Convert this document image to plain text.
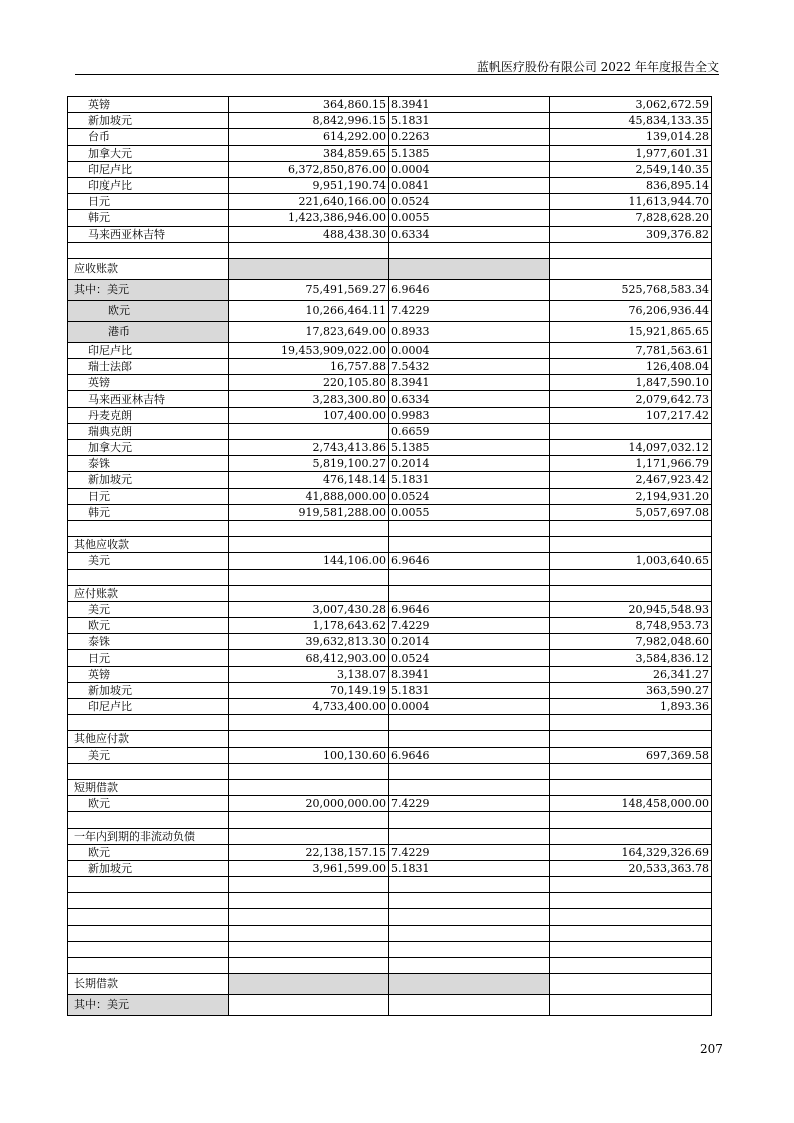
蓝帆医疗股份有限公司 2022 年年度报告全文
英镑	364,860.15	8.3941	3,062,672.59
新加坡元	8,842,996.15	5.1831	45,834,133.35
台币	614,292.00	0.2263	139,014.28
加拿大元	384,859.65	5.1385	1,977,601.31
印尼卢比	6,372,850,876.00	0.0004	2,549,140.35
印度卢比	9,951,190.74	0.0841	836,895.14
日元	221,640,166.00	0.0524	11,613,944.70
韩元	1,423,386,946.00	0.0055	7,828,628.20
马来西亚林吉特	488,438.30	0.6334	309,376.82

应收账款			
其中：美元	75,491,569.27	6.9646	525,768,583.34
欧元	10,266,464.11	7.4229	76,206,936.44
港币	17,823,649.00	0.8933	15,921,865.65
印尼卢比	19,453,909,022.00	0.0004	7,781,563.61
瑞士法郎	16,757.88	7.5432	126,408.04
英镑	220,105.80	8.3941	1,847,590.10
马来西亚林吉特	3,283,300.80	0.6334	2,079,642.73
丹麦克朗	107,400.00	0.9983	107,217.42
瑞典克朗		0.6659	
加拿大元	2,743,413.86	5.1385	14,097,032.12
泰铢	5,819,100.27	0.2014	1,171,966.79
新加坡元	476,148.14	5.1831	2,467,923.42
日元	41,888,000.00	0.0524	2,194,931.20
韩元	919,581,288.00	0.0055	5,057,697.08

其他应收款			
美元	144,106.00	6.9646	1,003,640.65

应付账款			
美元	3,007,430.28	6.9646	20,945,548.93
欧元	1,178,643.62	7.4229	8,748,953.73
泰铢	39,632,813.30	0.2014	7,982,048.60
日元	68,412,903.00	0.0524	3,584,836.12
英镑	3,138.07	8.3941	26,341.27
新加坡元	70,149.19	5.1831	363,590.27
印尼卢比	4,733,400.00	0.0004	1,893.36

其他应付款			
美元	100,130.60	6.9646	697,369.58

短期借款			
欧元	20,000,000.00	7.4229	148,458,000.00

一年内到期的非流动负债			
欧元	22,138,157.15	7.4229	164,329,326.69
新加坡元	3,961,599.00	5.1831	20,533,363.78

长期借款			
其中：美元			
207
